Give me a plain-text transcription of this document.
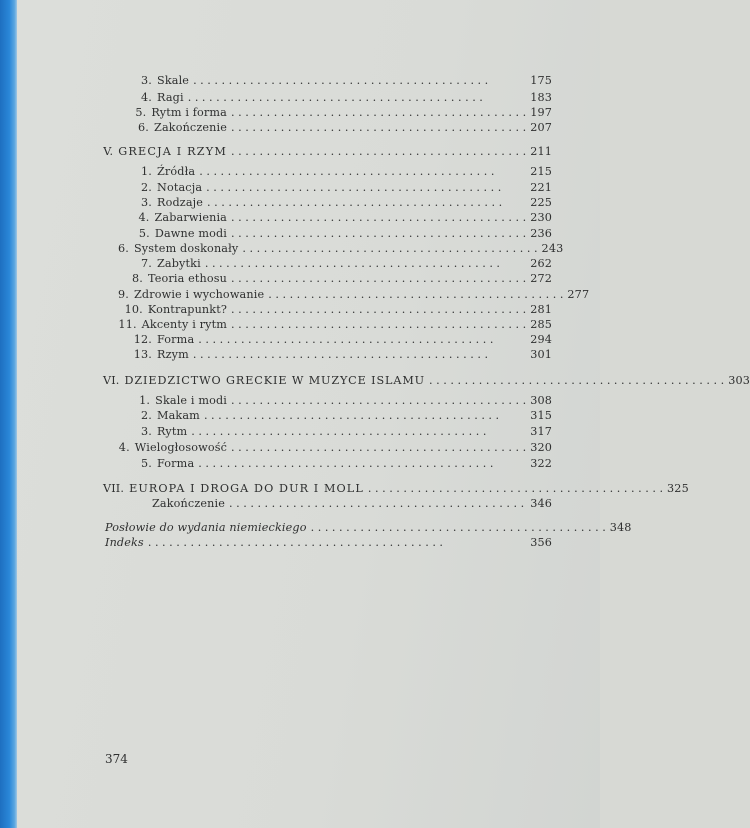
3. Skale . . . . . . . . . . . . . . . . . . . . . . . . . . . . . . . . . . . . . . . . . .	175
4. Ragi . . . . . . . . . . . . . . . . . . . . . . . . . . . . . . . . . . . . . . . . . .	183
5. Rytm i forma . . . . . . . . . . . . . . . . . . . . . . . . . . . . . . . . . . . . . . . . . . 197
6. Zakończenie . . . . . . . . . . . . . . . . . . . . . . . . . . . . . . . . . . . . . . . . . . 207
V. GRECJA I RZYM . . . . . . . . . . . . . . . . . . . . . . . . . . . . . . . . . . . . . . . . . . 211
1. Źródła . . . . . . . . . . . . . . . . . . . . . . . . . . . . . . . . . . . . . . . . . .	215
2. Notacja . . . . . . . . . . . . . . . . . . . . . . . . . . . . . . . . . . . . . . . . . .	221
3. Rodzaje . . . . . . . . . . . . . . . . . . . . . . . . . . . . . . . . . . . . . . . . . .	225
4. Zabarwienia . . . . . . . . . . . . . . . . . . . . . . . . . . . . . . . . . . . . . . . . . . 230
5. Dawne modi . . . . . . . . . . . . . . . . . . . . . . . . . . . . . . . . . . . . . . . . . . 236
6. System doskonały . . . . . . . . . . . . . . . . . . . . . . . . . . . . . . . . . . . . . . . . . . 243
7. Zabytki . . . . . . . . . . . . . . . . . . . . . . . . . . . . . . . . . . . . . . . . . .	262
8. Teoria ethosu . . . . . . . . . . . . . . . . . . . . . . . . . . . . . . . . . . . . . . . . . . 272
9. Zdrowie i wychowanie . . . . . . . . . . . . . . . . . . . . . . . . . . . . . . . . . . . . . . . . . . 277
10. Kontrapunkt? . . . . . . . . . . . . . . . . . . . . . . . . . . . . . . . . . . . . . . . . . . 281
11. Akcenty i rytm . . . . . . . . . . . . . . . . . . . . . . . . . . . . . . . . . . . . . . . . . . 285
12. Forma . . . . . . . . . . . . . . . . . . . . . . . . . . . . . . . . . . . . . . . . . .	294
13. Rzym . . . . . . . . . . . . . . . . . . . . . . . . . . . . . . . . . . . . . . . . . .	301
VI. DZIEDZICTWO GRECKIE W MUZYCE ISLAMU . . . . . . . . . . . . . . . . . . . . . . . . . . . . . . . . . . . . . . . . . . 303
1. Skale i modi . . . . . . . . . . . . . . . . . . . . . . . . . . . . . . . . . . . . . . . . . . 308
2. Makam . . . . . . . . . . . . . . . . . . . . . . . . . . . . . . . . . . . . . . . . . .	315
3. Rytm . . . . . . . . . . . . . . . . . . . . . . . . . . . . . . . . . . . . . . . . . .	317
4. Wielogłosowość . . . . . . . . . . . . . . . . . . . . . . . . . . . . . . . . . . . . . . . . . . 320
5. Forma . . . . . . . . . . . . . . . . . . . . . . . . . . . . . . . . . . . . . . . . . .	322
VII. EUROPA I DROGA DO DUR I MOLL . . . . . . . . . . . . . . . . . . . . . . . . . . . . . . . . . . . . . . . . . . 325
Zakończenie . . . . . . . . . . . . . . . . . . . . . . . . . . . . . . . . . . . . . . . . . . 346
Posłowie do wydania niemieckiego . . . . . . . . . . . . . . . . . . . . . . . . . . . . . . . . . . . . . . . . . . 348
Indeks . . . . . . . . . . . . . . . . . . . . . . . . . . . . . . . . . . . . . . . . . .	356
374
